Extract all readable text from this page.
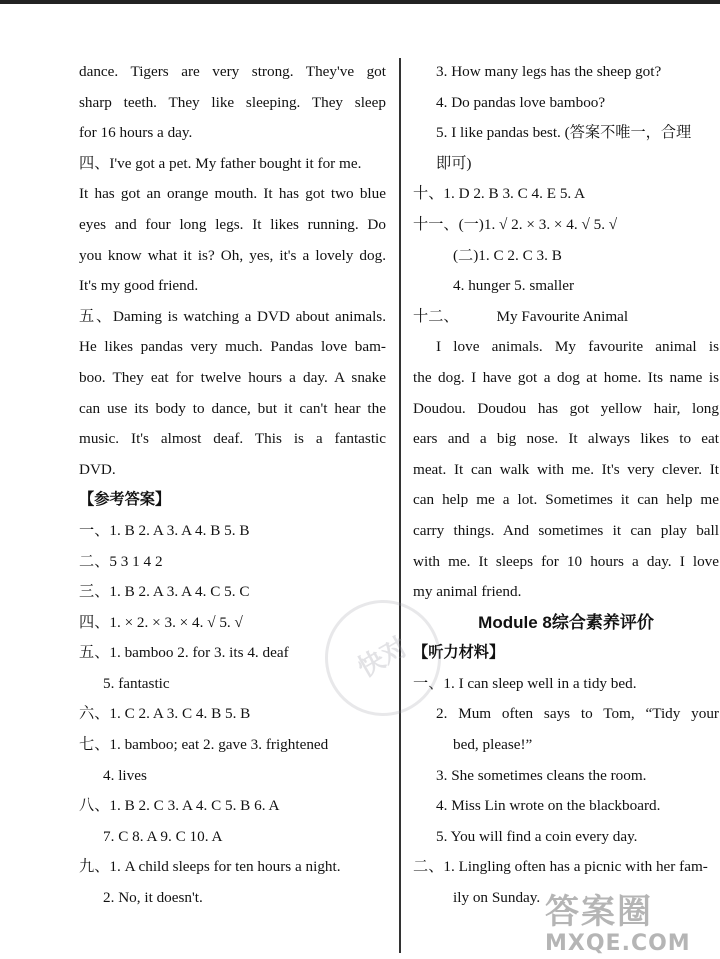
dance. Tigers are very strong. They've got
sharp teeth. They like sleeping. They sleep
for 16 hours a day.
四、I've got a pet. My father bought it for me.
It has got an orange mouth. It has got two blue
eyes and four long legs. It likes running. Do
you know what it is? Oh, yes, it's a lovely dog.
It's my good friend.
五、Daming is watching a DVD about animals.
He likes pandas very much. Pandas love bam-
boo. They eat for twelve hours a day. A snake
can use its body to dance, but it can't hear the
music. It's almost deaf. This is a fantastic
DVD.
【参考答案】
一、1. B 2. A 3. A 4. B 5. B
二、5 3 1 4 2
三、1. B 2. A 3. A 4. C 5. C
四、1. × 2. × 3. × 4. √ 5. √
五、1. bamboo 2. for 3. its 4. deaf
5. fantastic
六、1. C 2. A 3. C 4. B 5. B
七、1. bamboo; eat 2. gave 3. frightened
4. lives
八、1. B 2. C 3. A 4. C 5. B 6. A
7. C 8. A 9. C 10. A
九、1. A child sleeps for ten hours a night.
2. No, it doesn't.
3. How many legs has the sheep got?
4. Do pandas love bamboo?
5. I like pandas best. (答案不唯一，合理
即可)
十、1. D 2. B 3. C 4. E 5. A
十一、(一)1. √ 2. × 3. × 4. √ 5. √
(二)1. C 2. C 3. B
4. hunger 5. smaller
十二、          My Favourite Animal
I love animals. My favourite animal is
the dog. I have got a dog at home. Its name is
Doudou. Doudou has got yellow hair, long
ears and a big nose. It always likes to eat
meat. It can walk with me. It's very clever. It
can help me a lot. Sometimes it can help me
carry things. And sometimes it can play ball
with me. It sleeps for 10 hours a day. I love
my animal friend.
Module 8综合素养评价
【听力材料】
一、1. I can sleep well in a tidy bed.
2. Mum often says to Tom, “Tidy your
bed, please!”
3. She sometimes cleans the room.
4. Miss Lin wrote on the blackboard.
5. You will find a coin every day.
二、1. Lingling often has a picnic with her fam-
ily on Sunday.
快对
答案圈
MXQE.COM
